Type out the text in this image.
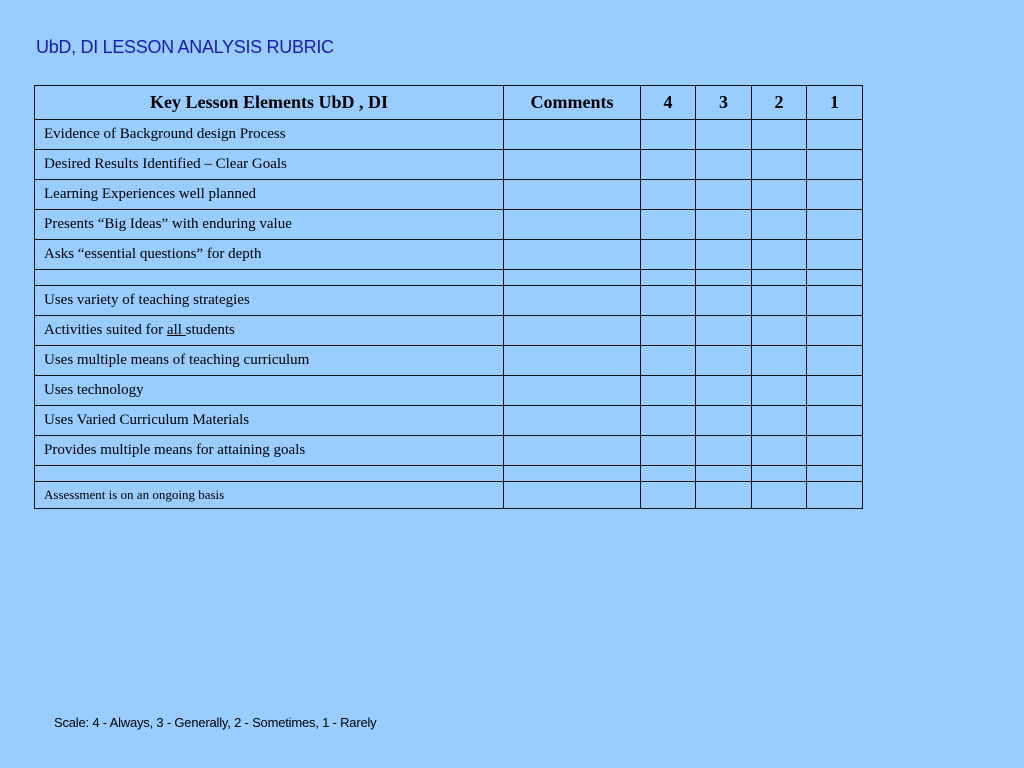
UbD, DI LESSON ANALYSIS RUBRIC
Key Lesson Elements UbD , DI	Comments	4	3	2	1
Evidence of Background design Process					
Desired Results Identified – Clear Goals					
Learning Experiences well planned					
Presents “Big Ideas” with enduring value					
Asks “essential questions” for depth					

Uses variety of teaching strategies					
Activities suited for all students					
Uses multiple means of teaching curriculum					
Uses technology					
Uses Varied Curriculum Materials					
Provides multiple means for attaining goals					

Assessment is on an ongoing basis					

Scale: 4 - Always, 3 - Generally, 2 - Sometimes, 1 - Rarely
